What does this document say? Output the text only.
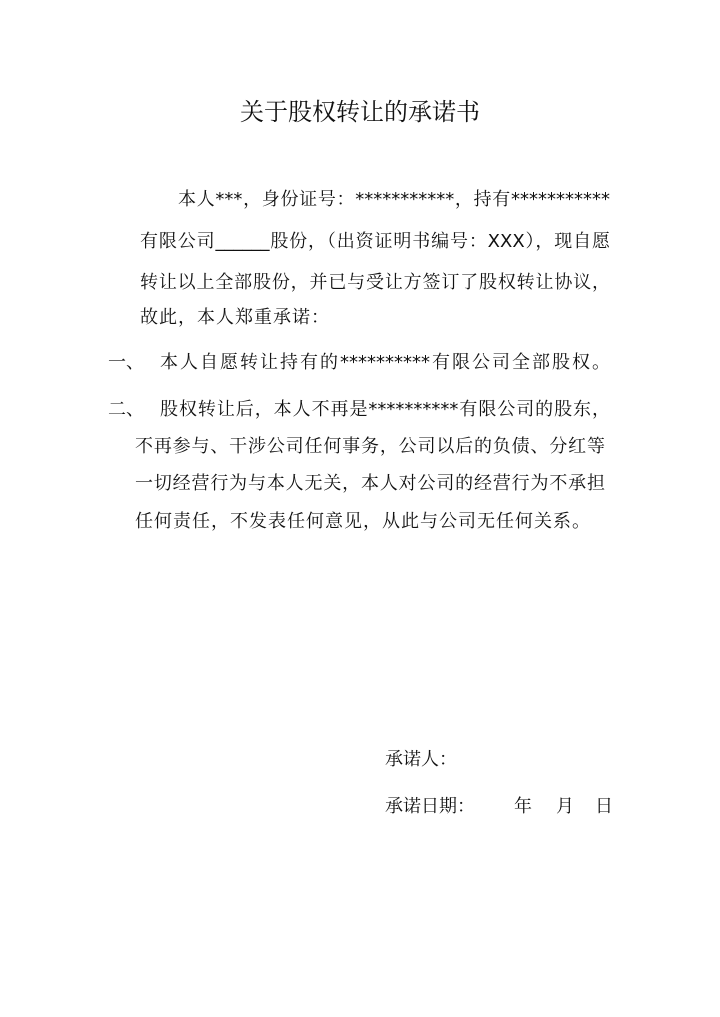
关于股权转让的承诺书
本人***，身份证号：***********，持有***********
有限公司______股份，（出资证明书编号：XXX），现自愿
转让以上全部股份，并已与受让方签订了股权转让协议，
故此，本人郑重承诺：
一、 本人自愿转让持有的**********有限公司全部股权。
二、 股权转让后，本人不再是**********有限公司的股东，
不再参与、干涉公司任何事务，公司以后的负债、分红等
一切经营行为与本人无关，本人对公司的经营行为不承担
任何责任，不发表任何意见，从此与公司无任何关系。
承诺人：
承诺日期： 年 月 日
